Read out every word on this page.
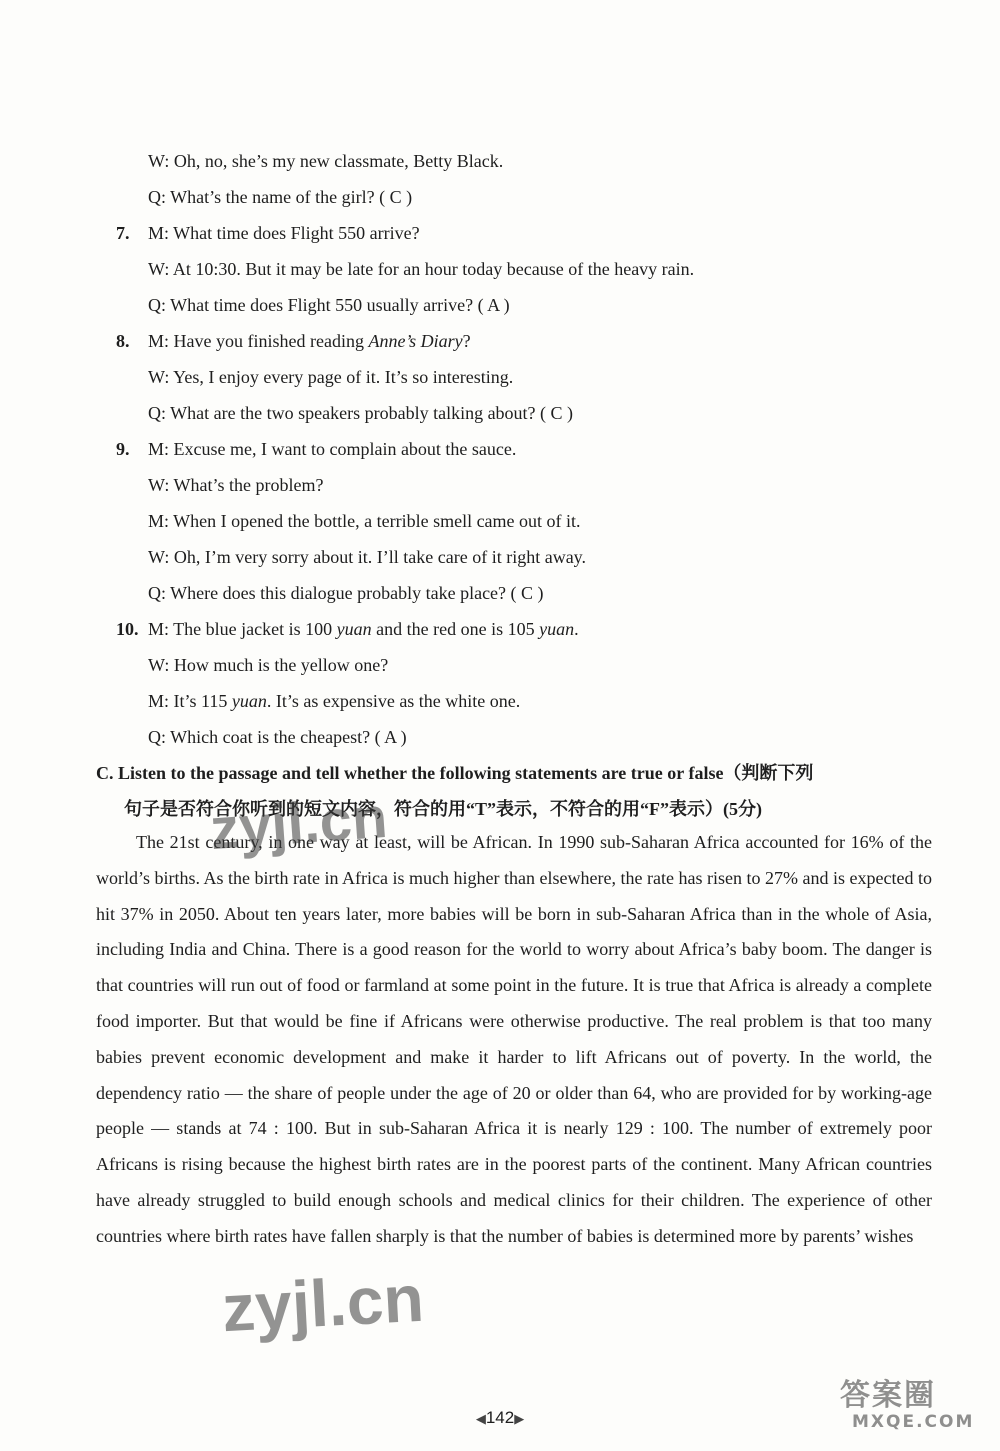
W: Oh, no, she’s my new classmate, Betty Black.
Q: What’s the name of the girl? ( C )
7. M: What time does Flight 550 arrive?
W: At 10:30. But it may be late for an hour today because of the heavy rain.
Q: What time does Flight 550 usually arrive? ( A )
8. M: Have you finished reading Anne’s Diary?
W: Yes, I enjoy every page of it. It’s so interesting.
Q: What are the two speakers probably talking about? ( C )
9. M: Excuse me, I want to complain about the sauce.
W: What’s the problem?
M: When I opened the bottle, a terrible smell came out of it.
W: Oh, I’m very sorry about it. I’ll take care of it right away.
Q: Where does this dialogue probably take place? ( C )
10. M: The blue jacket is 100 yuan and the red one is 105 yuan.
W: How much is the yellow one?
M: It’s 115 yuan. It’s as expensive as the white one.
Q: Which coat is the cheapest? ( A )
C. Listen to the passage and tell whether the following statements are true or false（判断下列
句子是否符合你听到的短文内容，符合的用“T”表示，不符合的用“F”表示）(5分)

The 21st century, in one way at least, will be African. In 1990 sub-Saharan Africa accounted for 16% of the world’s births. As the birth rate in Africa is much higher than elsewhere, the rate has risen to 27% and is expected to hit 37% in 2050. About ten years later, more babies will be born in sub-Saharan Africa than in the whole of Asia, including India and China. There is a good reason for the world to worry about Africa’s baby boom. The danger is that countries will run out of food or farmland at some point in the future. It is true that Africa is already a complete food importer. But that would be fine if Africans were otherwise productive. The real problem is that too many babies prevent economic development and make it harder to lift Africans out of poverty. In the world, the dependency ratio — the share of people under the age of 20 or older than 64, who are provided for by working-age people — stands at 74 : 100. But in sub-Saharan Africa it is nearly 129 : 100. The number of extremely poor Africans is rising because the highest birth rates are in the poorest parts of the continent. Many African countries have already struggled to build enough schools and medical clinics for their children. The experience of other countries where birth rates have fallen sharply is that the number of babies is determined more by parents’ wishes

zyjl.cn
zyjl.cn
◀142▶
答案圈
MXQE.COM
